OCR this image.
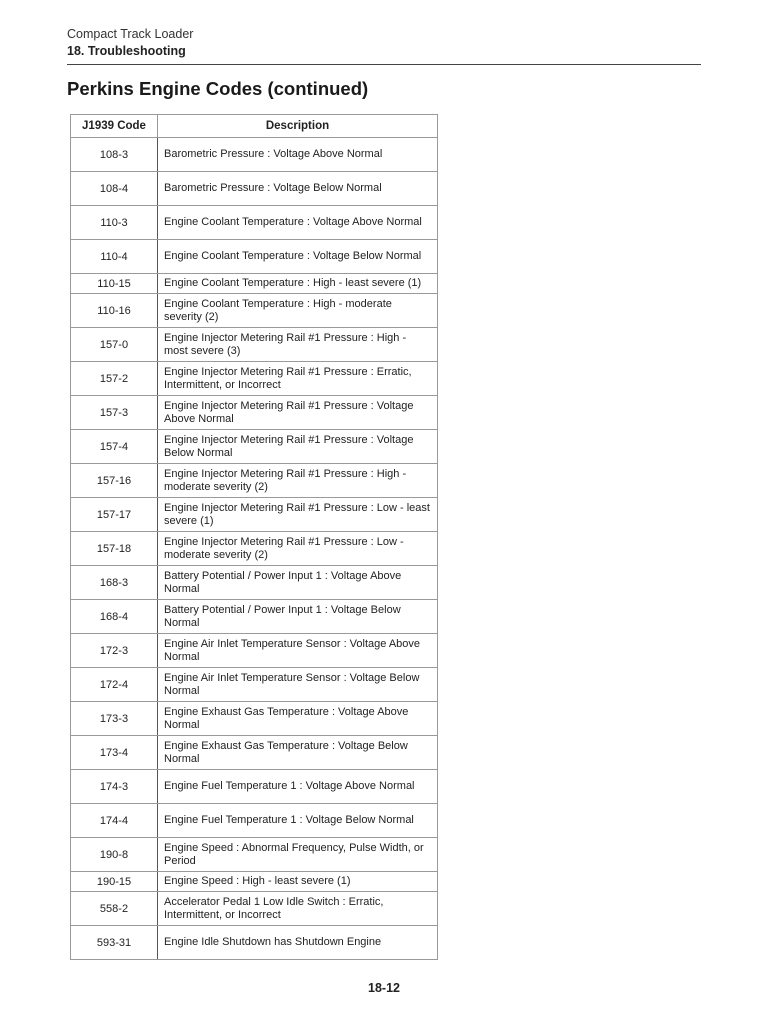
Compact Track Loader
18. Troubleshooting
Perkins Engine Codes (continued)
J1939 Code	Description
108-3	Barometric Pressure : Voltage Above Normal
108-4	Barometric Pressure : Voltage Below Normal
110-3	Engine Coolant Temperature : Voltage Above Normal
110-4	Engine Coolant Temperature : Voltage Below Normal
110-15	Engine Coolant Temperature : High - least severe (1)
110-16	Engine Coolant Temperature : High - moderate severity (2)
157-0	Engine Injector Metering Rail #1 Pressure : High - most severe (3)
157-2	Engine Injector Metering Rail #1 Pressure : Erratic, Intermittent, or Incorrect
157-3	Engine Injector Metering Rail #1 Pressure : Voltage Above Normal
157-4	Engine Injector Metering Rail #1 Pressure : Voltage Below Normal
157-16	Engine Injector Metering Rail #1 Pressure : High - moderate severity (2)
157-17	Engine Injector Metering Rail #1 Pressure : Low - least severe (1)
157-18	Engine Injector Metering Rail #1 Pressure : Low - moderate severity (2)
168-3	Battery Potential / Power Input 1 : Voltage Above Normal
168-4	Battery Potential / Power Input 1 : Voltage Below Normal
172-3	Engine Air Inlet Temperature Sensor : Voltage Above Normal
172-4	Engine Air Inlet Temperature Sensor : Voltage Below Normal
173-3	Engine Exhaust Gas Temperature : Voltage Above Normal
173-4	Engine Exhaust Gas Temperature : Voltage Below Normal
174-3	Engine Fuel Temperature 1 : Voltage Above Normal
174-4	Engine Fuel Temperature 1 : Voltage Below Normal
190-8	Engine Speed : Abnormal Frequency, Pulse Width, or Period
190-15	Engine Speed : High - least severe (1)
558-2	Accelerator Pedal 1 Low Idle Switch : Erratic, Intermittent, or Incorrect
593-31	Engine Idle Shutdown has Shutdown Engine
18-12
